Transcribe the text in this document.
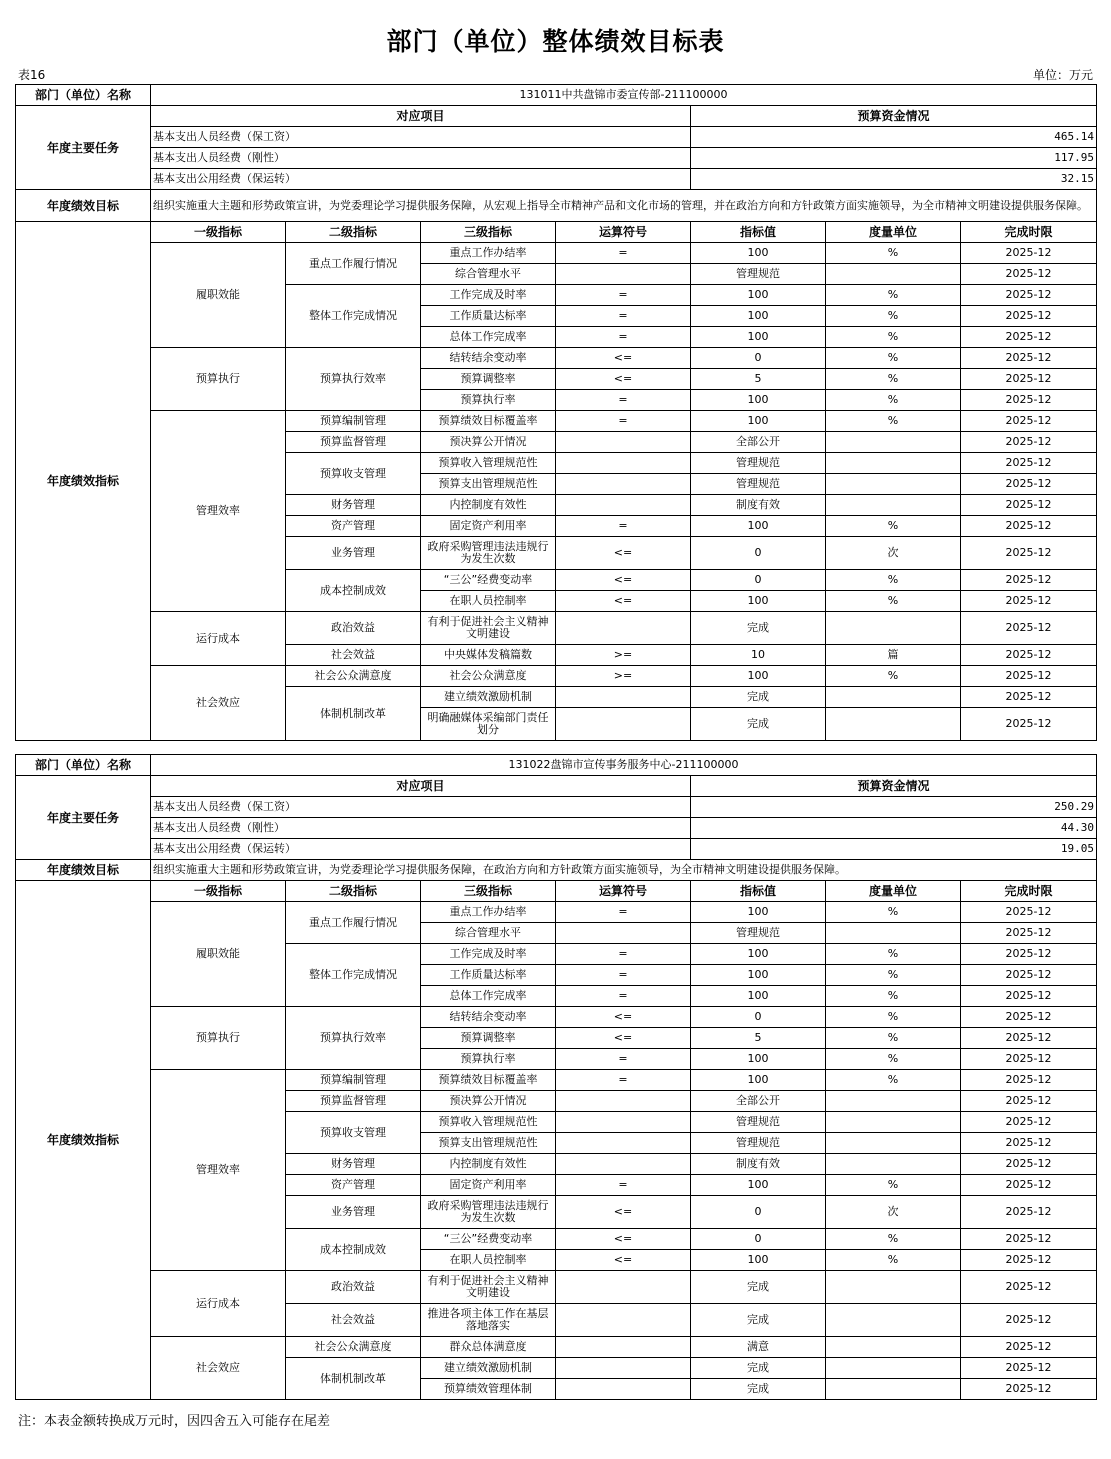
部门（单位）整体绩效目标表
表16	单位：万元
部门（单位）名称	131011中共盘锦市委宣传部-211100000						
年度主要任务	对应项目				预算资金情况		
	基本支出人员经费（保工资）				465.14		
	基本支出人员经费（刚性）				117.95		
	基本支出公用经费（保运转）				32.15		
年度绩效目标	组织实施重大主题和形势政策宣讲，为党委理论学习提供服务保障，从宏观上指导全市精神产品和文化市场的管理，并在政治方向和方针政策方面实施领导，为全市精神文明建设提供服务保障。						
年度绩效指标	一级指标	二级指标	三级指标	运算符号	指标值	度量单位	完成时限
	履职效能	重点工作履行情况	重点工作办结率	=	100	%	2025-12
			综合管理水平		管理规范		2025-12
		整体工作完成情况	工作完成及时率	=	100	%	2025-12
			工作质量达标率	=	100	%	2025-12
			总体工作完成率	=	100	%	2025-12
	预算执行	预算执行效率	结转结余变动率	<=	0	%	2025-12
			预算调整率	<=	5	%	2025-12
			预算执行率	=	100	%	2025-12
	管理效率	预算编制管理	预算绩效目标覆盖率	=	100	%	2025-12
		预算监督管理	预决算公开情况		全部公开		2025-12
		预算收支管理	预算收入管理规范性		管理规范		2025-12
			预算支出管理规范性		管理规范		2025-12
		财务管理	内控制度有效性		制度有效		2025-12
		资产管理	固定资产利用率	=	100	%	2025-12
		业务管理	政府采购管理违法违规行为发生次数	<=	0	次	2025-12
		成本控制成效	“三公”经费变动率	<=	0	%	2025-12
			在职人员控制率	<=	100	%	2025-12
	运行成本	政治效益	有利于促进社会主义精神文明建设		完成		2025-12
		社会效益	中央媒体发稿篇数	>=	10	篇	2025-12
	社会效应	社会公众满意度	社会公众满意度	>=	100	%	2025-12
		体制机制改革	建立绩效激励机制		完成		2025-12
			明确融媒体采编部门责任划分		完成		2025-12
部门（单位）名称	131022盘锦市宣传事务服务中心-211100000						
年度主要任务	对应项目				预算资金情况		
	基本支出人员经费（保工资）				250.29		
	基本支出人员经费（刚性）				44.30		
	基本支出公用经费（保运转）				19.05		
年度绩效目标	组织实施重大主题和形势政策宣讲，为党委理论学习提供服务保障，在政治方向和方针政策方面实施领导，为全市精神文明建设提供服务保障。						
年度绩效指标	一级指标	二级指标	三级指标	运算符号	指标值	度量单位	完成时限
	履职效能	重点工作履行情况	重点工作办结率	=	100	%	2025-12
			综合管理水平		管理规范		2025-12
		整体工作完成情况	工作完成及时率	=	100	%	2025-12
			工作质量达标率	=	100	%	2025-12
			总体工作完成率	=	100	%	2025-12
	预算执行	预算执行效率	结转结余变动率	<=	0	%	2025-12
			预算调整率	<=	5	%	2025-12
			预算执行率	=	100	%	2025-12
	管理效率	预算编制管理	预算绩效目标覆盖率	=	100	%	2025-12
		预算监督管理	预决算公开情况		全部公开		2025-12
		预算收支管理	预算收入管理规范性		管理规范		2025-12
			预算支出管理规范性		管理规范		2025-12
		财务管理	内控制度有效性		制度有效		2025-12
		资产管理	固定资产利用率	=	100	%	2025-12
		业务管理	政府采购管理违法违规行为发生次数	<=	0	次	2025-12
		成本控制成效	“三公”经费变动率	<=	0	%	2025-12
			在职人员控制率	<=	100	%	2025-12
	运行成本	政治效益	有利于促进社会主义精神文明建设		完成		2025-12
		社会效益	推进各项主体工作在基层落地落实		完成		2025-12
	社会效应	社会公众满意度	群众总体满意度		满意		2025-12
		体制机制改革	建立绩效激励机制		完成		2025-12
			预算绩效管理体制		完成		2025-12
注：本表金额转换成万元时，因四舍五入可能存在尾差
